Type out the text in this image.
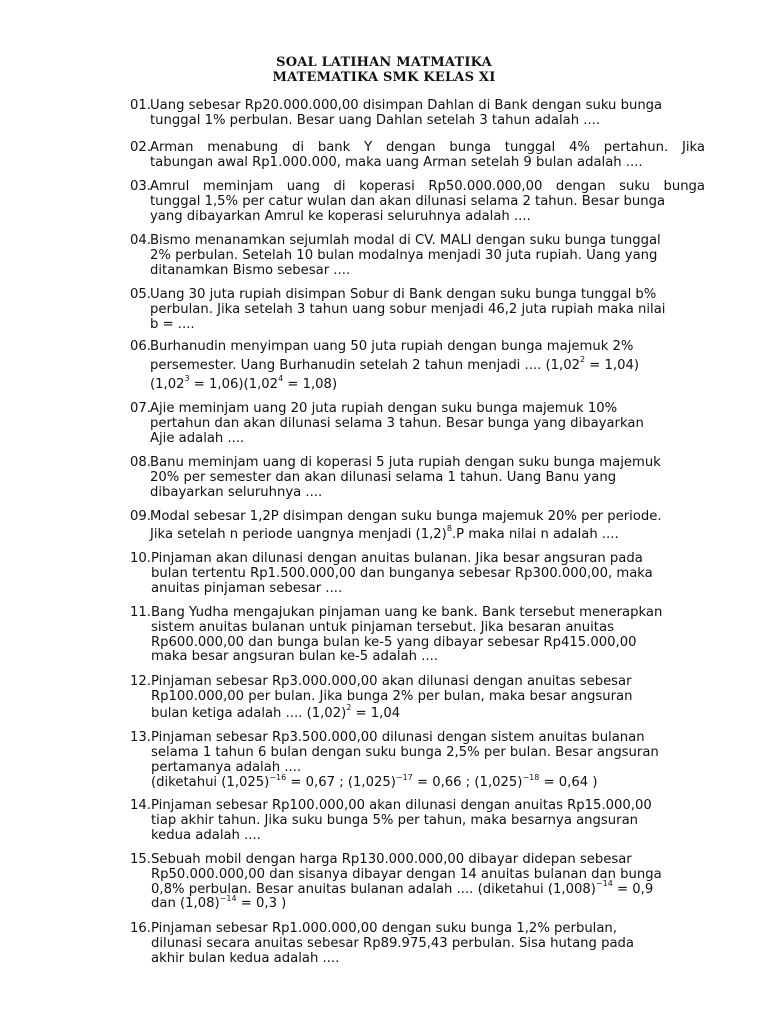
SOAL LATIHAN MATMATIKA
MATEMATIKA SMK KELAS XI
01. Uang sebesar Rp20.000.000,00 disimpan Dahlan di Bank dengan suku bunga
tunggal 1% perbulan. Besar uang Dahlan setelah 3 tahun adalah ....
02. Arman menabung di bank Y dengan bunga tunggal 4% pertahun. Jika
tabungan awal Rp1.000.000, maka uang Arman setelah 9 bulan adalah ....
03. Amrul meminjam uang di koperasi Rp50.000.000,00 dengan suku bunga
tunggal 1,5% per catur wulan dan akan dilunasi selama 2 tahun. Besar bunga
yang dibayarkan Amrul ke koperasi seluruhnya adalah ....
04. Bismo menanamkan sejumlah modal di CV. MALI dengan suku bunga tunggal
2% perbulan. Setelah 10 bulan modalnya menjadi 30 juta rupiah. Uang yang
ditanamkan Bismo sebesar ....
05. Uang 30 juta rupiah disimpan Sobur di Bank dengan suku bunga tunggal b%
perbulan. Jika setelah 3 tahun uang sobur menjadi 46,2 juta rupiah maka nilai
b = ....
06. Burhanudin menyimpan uang 50 juta rupiah dengan bunga majemuk 2%
persemester. Uang Burhanudin setelah 2 tahun menjadi .... $(1,02^2 = 1,04)$
$(1,02^3 = 1,06)(1,02^4 = 1,08)$
07. Ajie meminjam uang 20 juta rupiah dengan suku bunga majemuk 10%
pertahun dan akan dilunasi selama 3 tahun. Besar bunga yang dibayarkan
Ajie adalah ....
08. Banu meminjam uang di koperasi 5 juta rupiah dengan suku bunga majemuk
20% per semester dan akan dilunasi selama 1 tahun. Uang Banu yang
dibayarkan seluruhnya ....
09. Modal sebesar 1,2P disimpan dengan suku bunga majemuk 20% per periode.
Jika setelah n periode uangnya menjadi $(1,2)^8.P$ maka nilai n adalah ....
10. Pinjaman akan dilunasi dengan anuitas bulanan. Jika besar angsuran pada
bulan tertentu Rp1.500.000,00 dan bunganya sebesar Rp300.000,00, maka
anuitas pinjaman sebesar ....
11. Bang Yudha mengajukan pinjaman uang ke bank. Bank tersebut menerapkan
sistem anuitas bulanan untuk pinjaman tersebut. Jika besaran anuitas
Rp600.000,00 dan bunga bulan ke-5 yang dibayar sebesar Rp415.000,00
maka besar angsuran bulan ke-5 adalah ....
12. Pinjaman sebesar Rp3.000.000,00 akan dilunasi dengan anuitas sebesar
Rp100.000,00 per bulan. Jika bunga 2% per bulan, maka besar angsuran
bulan ketiga adalah .... $(1,02)^2 = 1,04$
13. Pinjaman sebesar Rp3.500.000,00 dilunasi dengan sistem anuitas bulanan
selama 1 tahun 6 bulan dengan suku bunga 2,5% per bulan. Besar angsuran
pertamanya adalah ....
(diketahui $(1,025)^{-16} = 0,67$ ; $(1,025)^{-17} = 0,66$ ; $(1,025)^{-18} = 0,64$ )
14. Pinjaman sebesar Rp100.000,00 akan dilunasi dengan anuitas Rp15.000,00
tiap akhir tahun. Jika suku bunga 5% per tahun, maka besarnya angsuran
kedua adalah ....
15. Sebuah mobil dengan harga Rp130.000.000,00 dibayar didepan sebesar
Rp50.000.000,00 dan sisanya dibayar dengan 14 anuitas bulanan dan bunga
0,8% perbulan. Besar anuitas bulanan adalah .... (diketahui $(1,008)^{-14} = 0,9$
dan $(1,08)^{-14} = 0,3$ )
16. Pinjaman sebesar Rp1.000.000,00 dengan suku bunga 1,2% perbulan,
dilunasi secara anuitas sebesar Rp89.975,43 perbulan. Sisa hutang pada
akhir bulan kedua adalah ....
